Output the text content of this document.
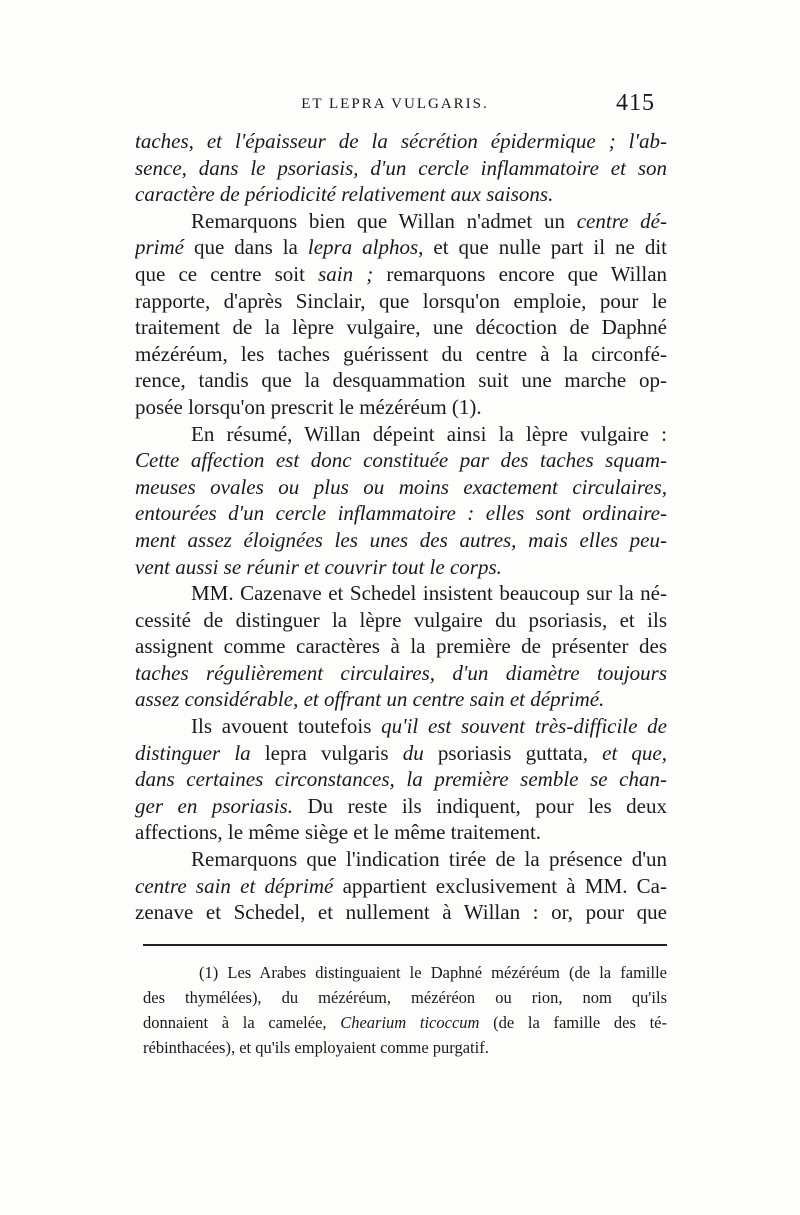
ET LEPRA VULGARIS.	415
taches, et l'épaisseur de la sécrétion épidermique ; l'ab-
sence, dans le psoriasis, d'un cercle inflammatoire et son
caractère de périodicité relativement aux saisons.
Remarquons bien que Willan n'admet un centre dé-
primé que dans la lepra alphos, et que nulle part il ne dit
que ce centre soit sain ; remarquons encore que Willan
rapporte, d'après Sinclair, que lorsqu'on emploie, pour le
traitement de la lèpre vulgaire, une décoction de Daphné
mézéréum, les taches guérissent du centre à la circonfé-
rence, tandis que la desquammation suit une marche op-
posée lorsqu'on prescrit le mézéréum (1).
En résumé, Willan dépeint ainsi la lèpre vulgaire :
Cette affection est donc constituée par des taches squam-
meuses ovales ou plus ou moins exactement circulaires,
entourées d'un cercle inflammatoire : elles sont ordinaire-
ment assez éloignées les unes des autres, mais elles peu-
vent aussi se réunir et couvrir tout le corps.
MM. Cazenave et Schedel insistent beaucoup sur la né-
cessité de distinguer la lèpre vulgaire du psoriasis, et ils
assignent comme caractères à la première de présenter des
taches régulièrement circulaires, d'un diamètre toujours
assez considérable, et offrant un centre sain et déprimé.
Ils avouent toutefois qu'il est souvent très-difficile de
distinguer la lepra vulgaris du psoriasis guttata, et que,
dans certaines circonstances, la première semble se chan-
ger en psoriasis. Du reste ils indiquent, pour les deux
affections, le même siège et le même traitement.
Remarquons que l'indication tirée de la présence d'un
centre sain et déprimé appartient exclusivement à MM. Ca-
zenave et Schedel, et nullement à Willan : or, pour que
(1) Les Arabes distinguaient le Daphné mézéréum (de la famille
des thymélées), du mézéréum, mézéréon ou rion, nom qu'ils
donnaient à la camelée, Chearium ticoccum (de la famille des té-
rébinthacées), et qu'ils employaient comme purgatif.
